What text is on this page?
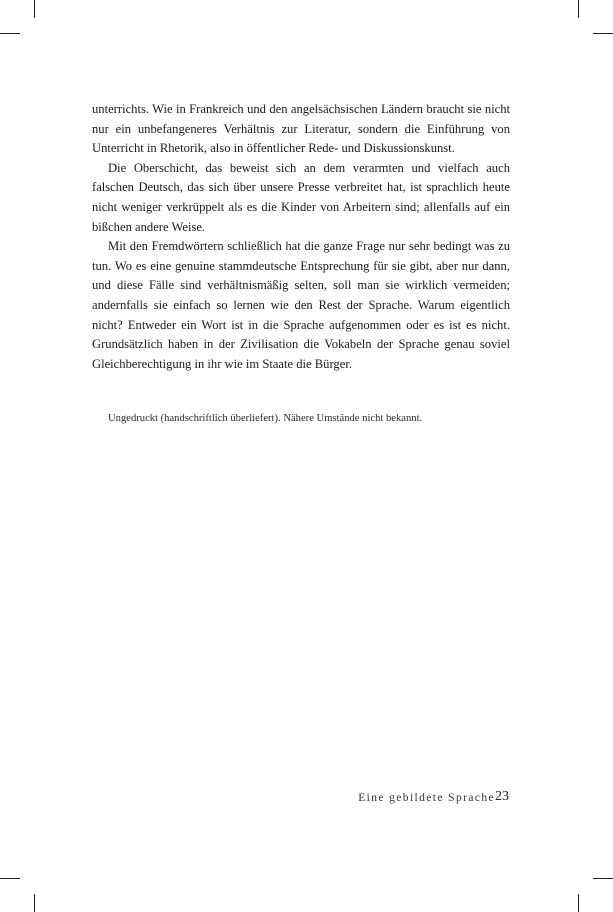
unterrichts. Wie in Frankreich und den angelsächsischen Ländern braucht sie nicht nur ein unbefangeneres Verhältnis zur Literatur, sondern die Einführung von Unterricht in Rhetorik, also in öffentlicher Rede- und Diskussionskunst.

Die Oberschicht, das beweist sich an dem verarmten und vielfach auch falschen Deutsch, das sich über unsere Presse verbreitet hat, ist sprachlich heute nicht weniger verkrüppelt als es die Kinder von Arbeitern sind; allenfalls auf ein bißchen andere Weise.

Mit den Fremdwörtern schließlich hat die ganze Frage nur sehr bedingt was zu tun. Wo es eine genuine stammdeutsche Entsprechung für sie gibt, aber nur dann, und diese Fälle sind verhältnismäßig selten, soll man sie wirklich vermeiden; andernfalls sie einfach so lernen wie den Rest der Sprache. Warum eigentlich nicht? Entweder ein Wort ist in die Sprache aufgenommen oder es ist es nicht. Grundsätzlich haben in der Zivilisation die Vokabeln der Sprache genau soviel Gleichberechtigung in ihr wie im Staate die Bürger.

Ungedruckt (handschriftlich überliefert). Nähere Umstände nicht bekannt.
Eine gebildete Sprache 23
